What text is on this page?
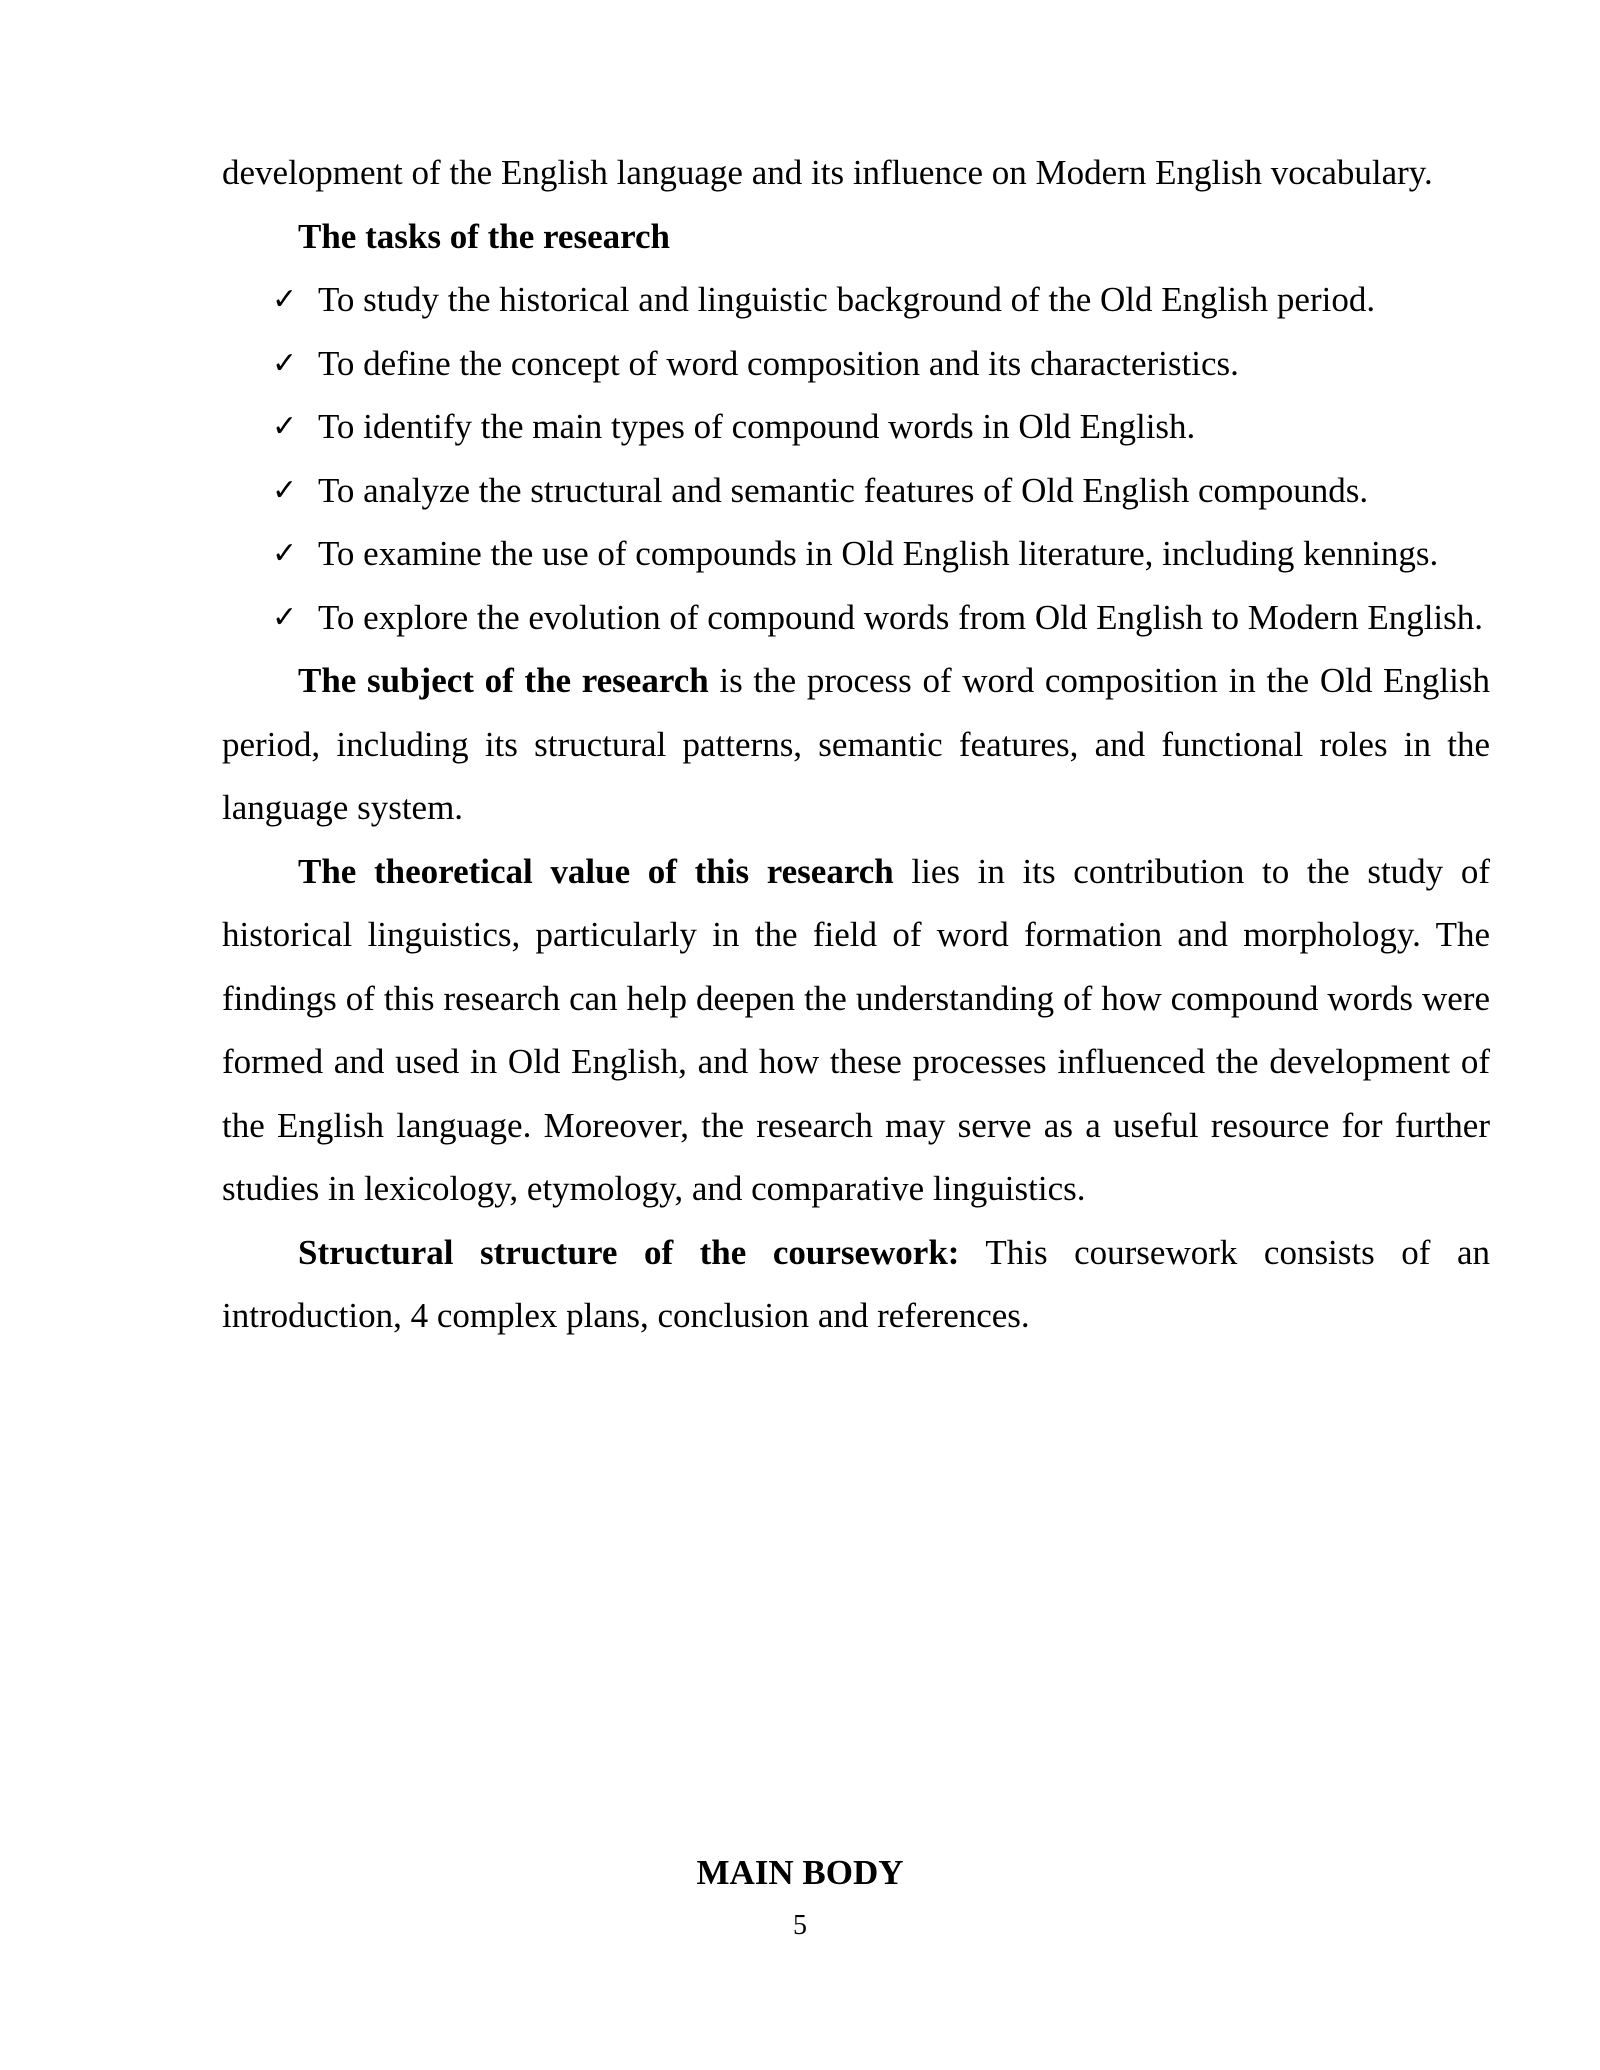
development of the English language and its influence on Modern English vocabulary.

The tasks of the research

✓ To study the historical and linguistic background of the Old English period.
✓ To define the concept of word composition and its characteristics.
✓ To identify the main types of compound words in Old English.
✓ To analyze the structural and semantic features of Old English compounds.
✓ To examine the use of compounds in Old English literature, including kennings.
✓ To explore the evolution of compound words from Old English to Modern English.

The subject of the research is the process of word composition in the Old English period, including its structural patterns, semantic features, and functional roles in the language system.

The theoretical value of this research lies in its contribution to the study of historical linguistics, particularly in the field of word formation and morphology. The findings of this research can help deepen the understanding of how compound words were formed and used in Old English, and how these processes influenced the development of the English language. Moreover, the research may serve as a useful resource for further studies in lexicology, etymology, and comparative linguistics.

Structural structure of the coursework: This coursework consists of an introduction, 4 complex plans, conclusion and references.

MAIN BODY
5
